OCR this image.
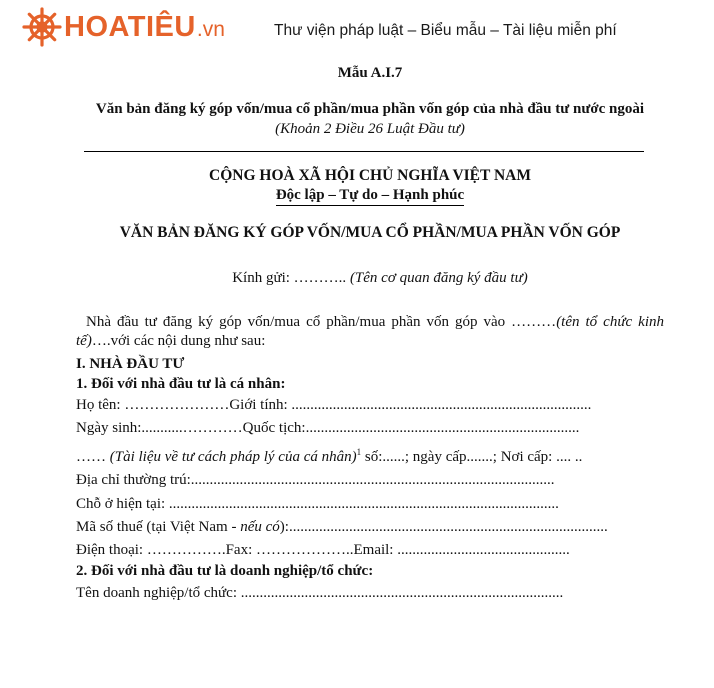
HOATIÊU .vn	Thư viện pháp luật – Biểu mẫu – Tài liệu miễn phí
Mẫu A.I.7
Văn bản đăng ký góp vốn/mua cổ phần/mua phần vốn góp của nhà đầu tư nước ngoài
(Khoản 2 Điều 26 Luật Đầu tư)
CỘNG HOÀ XÃ HỘI CHỦ NGHĨA VIỆT NAM
Độc lập – Tự do – Hạnh phúc
VĂN BẢN ĐĂNG KÝ GÓP VỐN/MUA CỔ PHẦN/MUA PHẦN VỐN GÓP
Kính gửi: ……….. (Tên cơ quan đăng ký đầu tư)
Nhà đầu tư đăng ký góp vốn/mua cổ phần/mua phần vốn góp vào ………(tên tổ chức kinh tế)….với các nội dung như sau:
I. NHÀ ĐẦU TƯ
1. Đối với nhà đầu tư là cá nhân:
Họ tên: …………………Giới tính: ................................................................................
Ngày sinh:...........…………Quốc tịch:.........................................................................
…… (Tài liệu về tư cách pháp lý của cá nhân)$^1$ số:......; ngày cấp.......; Nơi cấp: .... ..
Địa chỉ thường trú:.................................................................................................
Chỗ ở hiện tại: ........................................................................................................
Mã số thuế (tại Việt Nam - nếu có):.....................................................................................
Điện thoại: …………….Fax: ………………..Email: ..............................................
2. Đối với nhà đầu tư là doanh nghiệp/tổ chức:
Tên doanh nghiệp/tổ chức: ......................................................................................
